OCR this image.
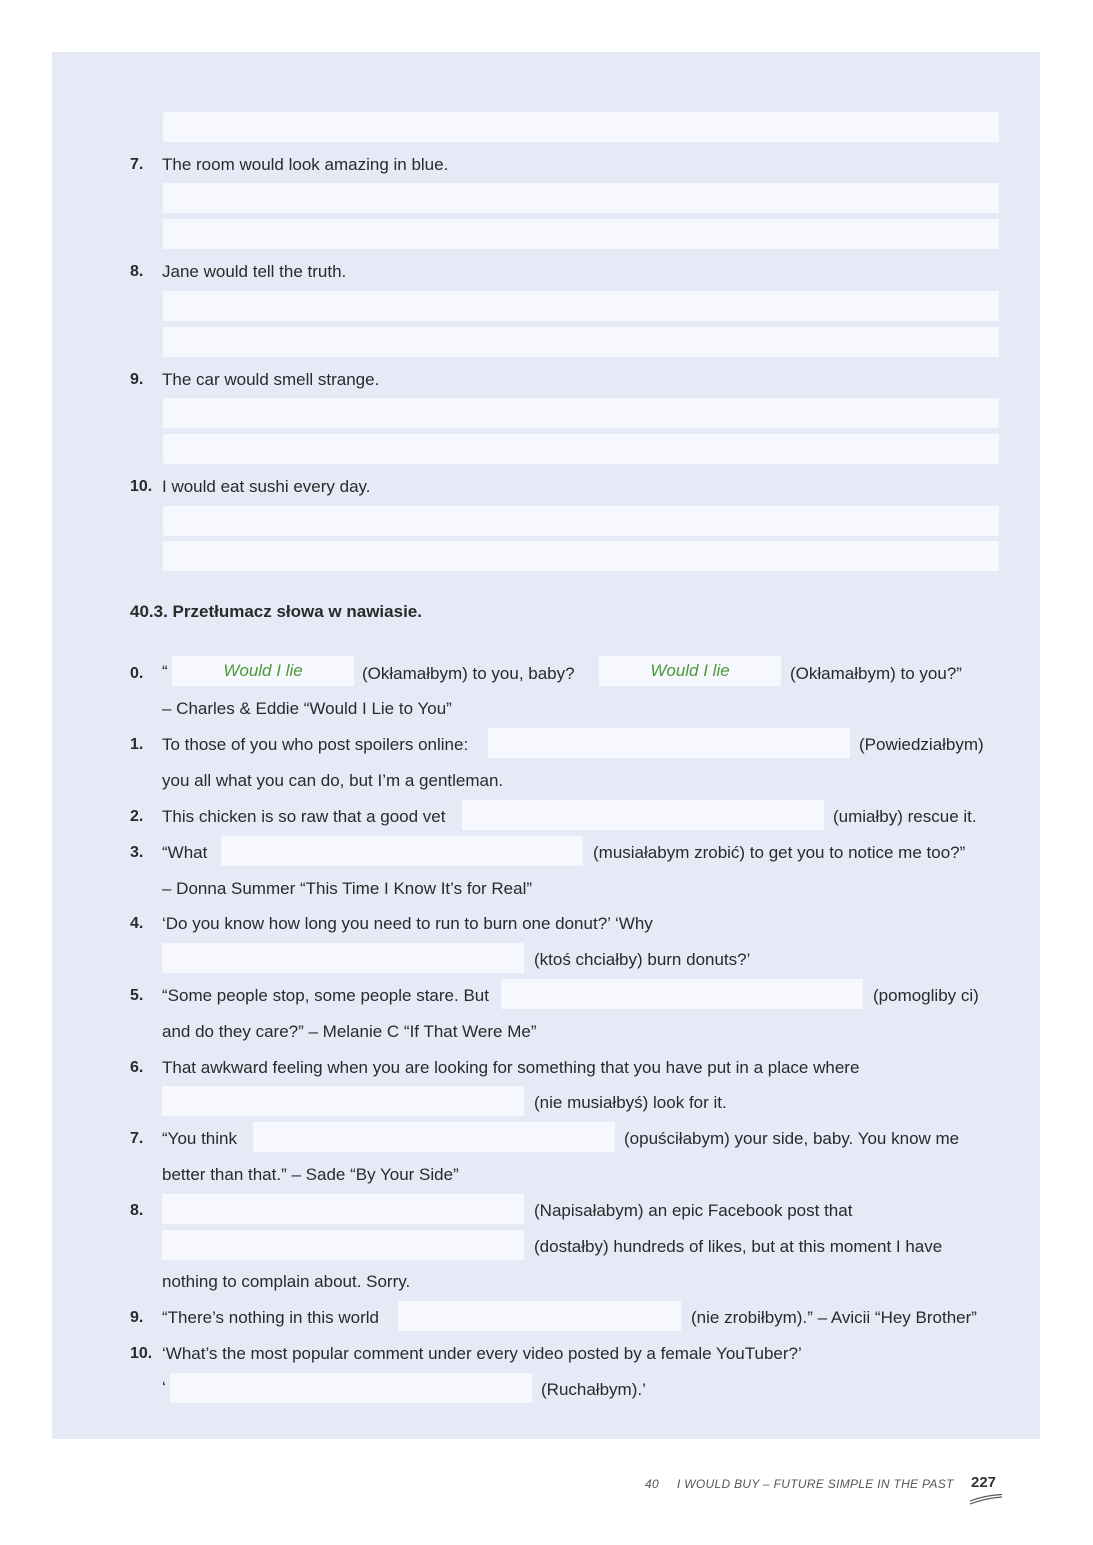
7. The room would look amazing in blue.
8. Jane would tell the truth.
9. The car would smell strange.
10. I would eat sushi every day.
40.3. Przetłumacz słowa w nawiasie.
0. “	Would I lie	(Okłamałbym) to you, baby?	Would I lie	(Okłamałbym) to you?”
– Charles & Eddie “Would I Lie to You”
1. To those of you who post spoilers online:	(Powiedziałbym)
you all what you can do, but I’m a gentleman.
2. This chicken is so raw that a good vet	(umiałby) rescue it.
3. “What	(musiałabym zrobić) to get you to notice me too?”
– Donna Summer “This Time I Know It’s for Real”
4. ‘Do you know how long you need to run to burn one donut?’ ‘Why
(ktoś chciałby) burn donuts?’
5. “Some people stop, some people stare. But	(pomogliby ci)
and do they care?” – Melanie C “If That Were Me”
6. That awkward feeling when you are looking for something that you have put in a place where
(nie musiałbyś) look for it.
7. “You think	(opuściłabym) your side, baby. You know me
better than that.” – Sade “By Your Side”
8.	(Napisałabym) an epic Facebook post that
(dostałby) hundreds of likes, but at this moment I have
nothing to complain about. Sorry.
9. “There’s nothing in this world	(nie zrobiłbym).” – Avicii “Hey Brother”
10. ‘What’s the most popular comment under every video posted by a female YouTuber?’
‘	(Ruchałbym).’
40 I WOULD BUY – FUTURE SIMPLE IN THE PAST 227
